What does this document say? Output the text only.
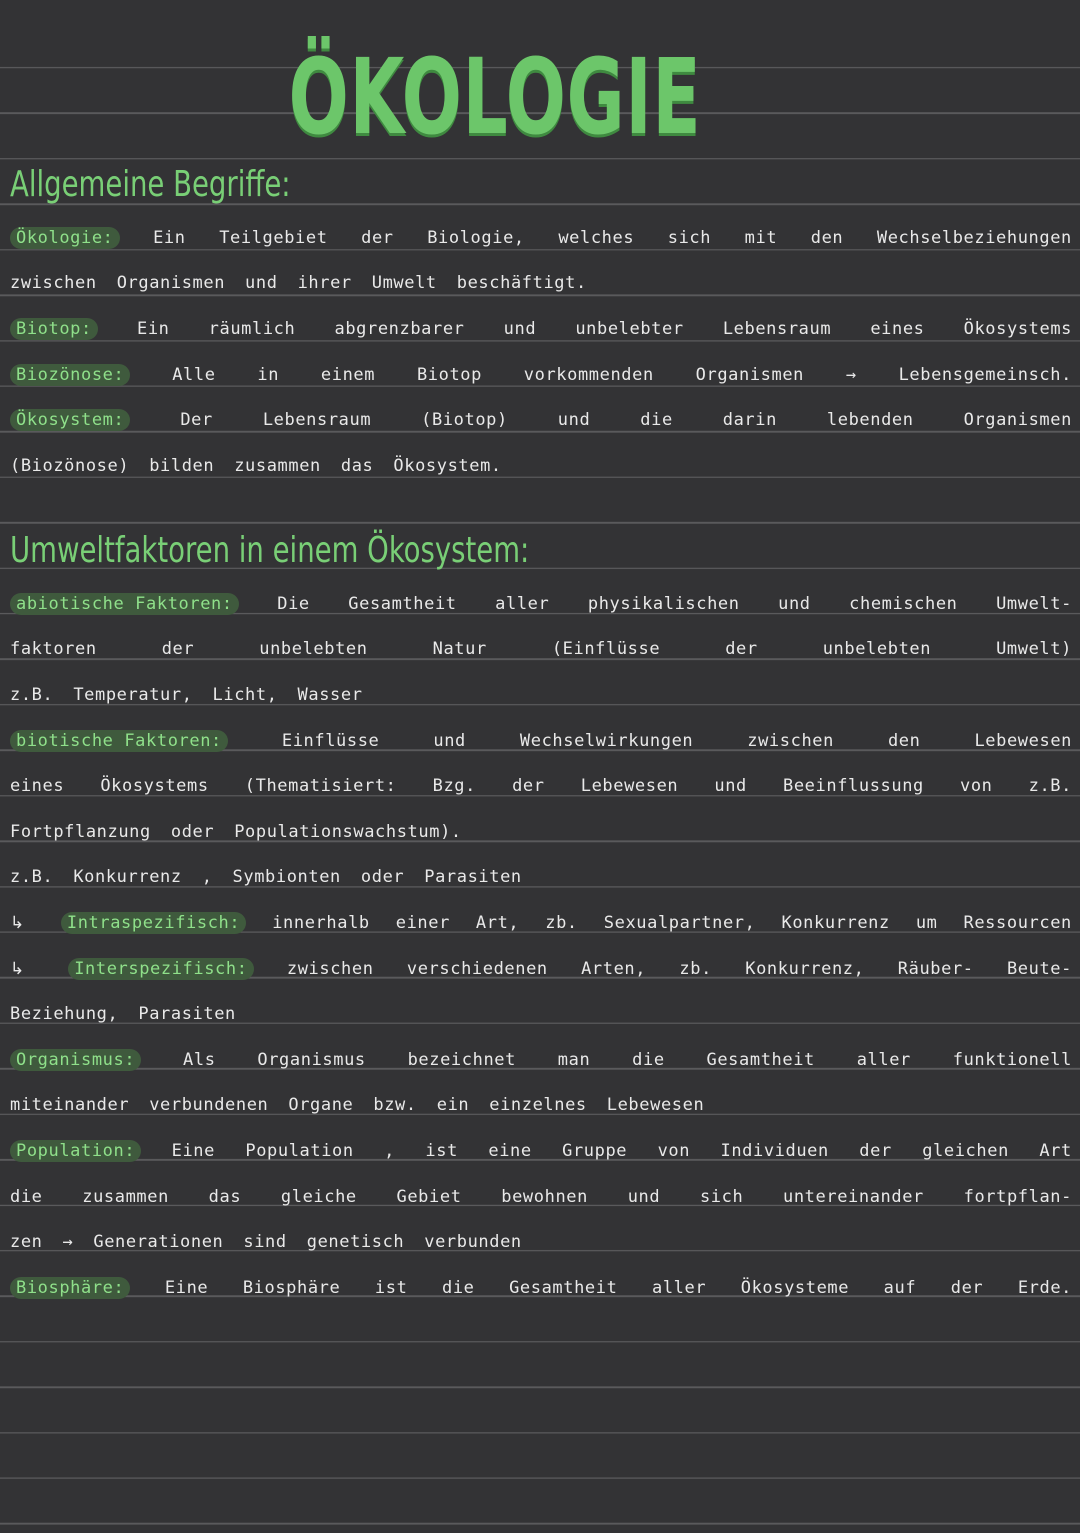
ÖKOLOGIE
Allgemeine Begriffe:
Ökologie:	Ein Teilgebiet der Biologie, welches sich mit den Wechselbeziehungen
zwischen Organismen und ihrer Umwelt beschäftigt.
Biotop:	Ein räumlich abgrenzbarer und unbelebter Lebensraum eines Ökosystems
Biozönose:	Alle in einem Biotop vorkommenden Organismen → Lebensgemeinsch.
Ökosystem:	Der	Lebensraum	(Biotop)	und	die	darin	lebenden	Organismen
(Biozönose) bilden zusammen das Ökosystem.
Umweltfaktoren in einem Ökosystem:
abiotische Faktoren:	Die Gesamtheit aller physikalischen und chemischen Umwelt-
faktoren	der	unbelebten	Natur	(Einflüsse	der	unbelebten	Umwelt)
z.B. Temperatur, Licht, Wasser
biotische Faktoren:	Einflüsse	und	Wechselwirkungen	zwischen	den	Lebewesen
eines Ökosystems (Thematisiert: Bzg. der Lebewesen und Beeinflussung von z.B.
Fortpflanzung oder Populationswachstum).
z.B. Konkurrenz , Symbionten oder Parasiten
↳	Intraspezifisch:	innerhalb einer Art, zb. Sexualpartner, Konkurrenz um Ressourcen
↳	Interspezifisch:	zwischen verschiedenen Arten, zb. Konkurrenz, Räuber- Beute-
Beziehung, Parasiten
Organismus:	Als Organismus bezeichnet man die Gesamtheit aller funktionell
miteinander verbundenen Organe bzw. ein einzelnes Lebewesen
Population:	Eine Population , ist eine Gruppe von Individuen der gleichen Art
die zusammen das gleiche Gebiet bewohnen und sich untereinander fortpflan-
zen → Generationen sind genetisch verbunden
Biosphäre:	Eine Biosphäre ist die Gesamtheit aller Ökosysteme auf der Erde.
